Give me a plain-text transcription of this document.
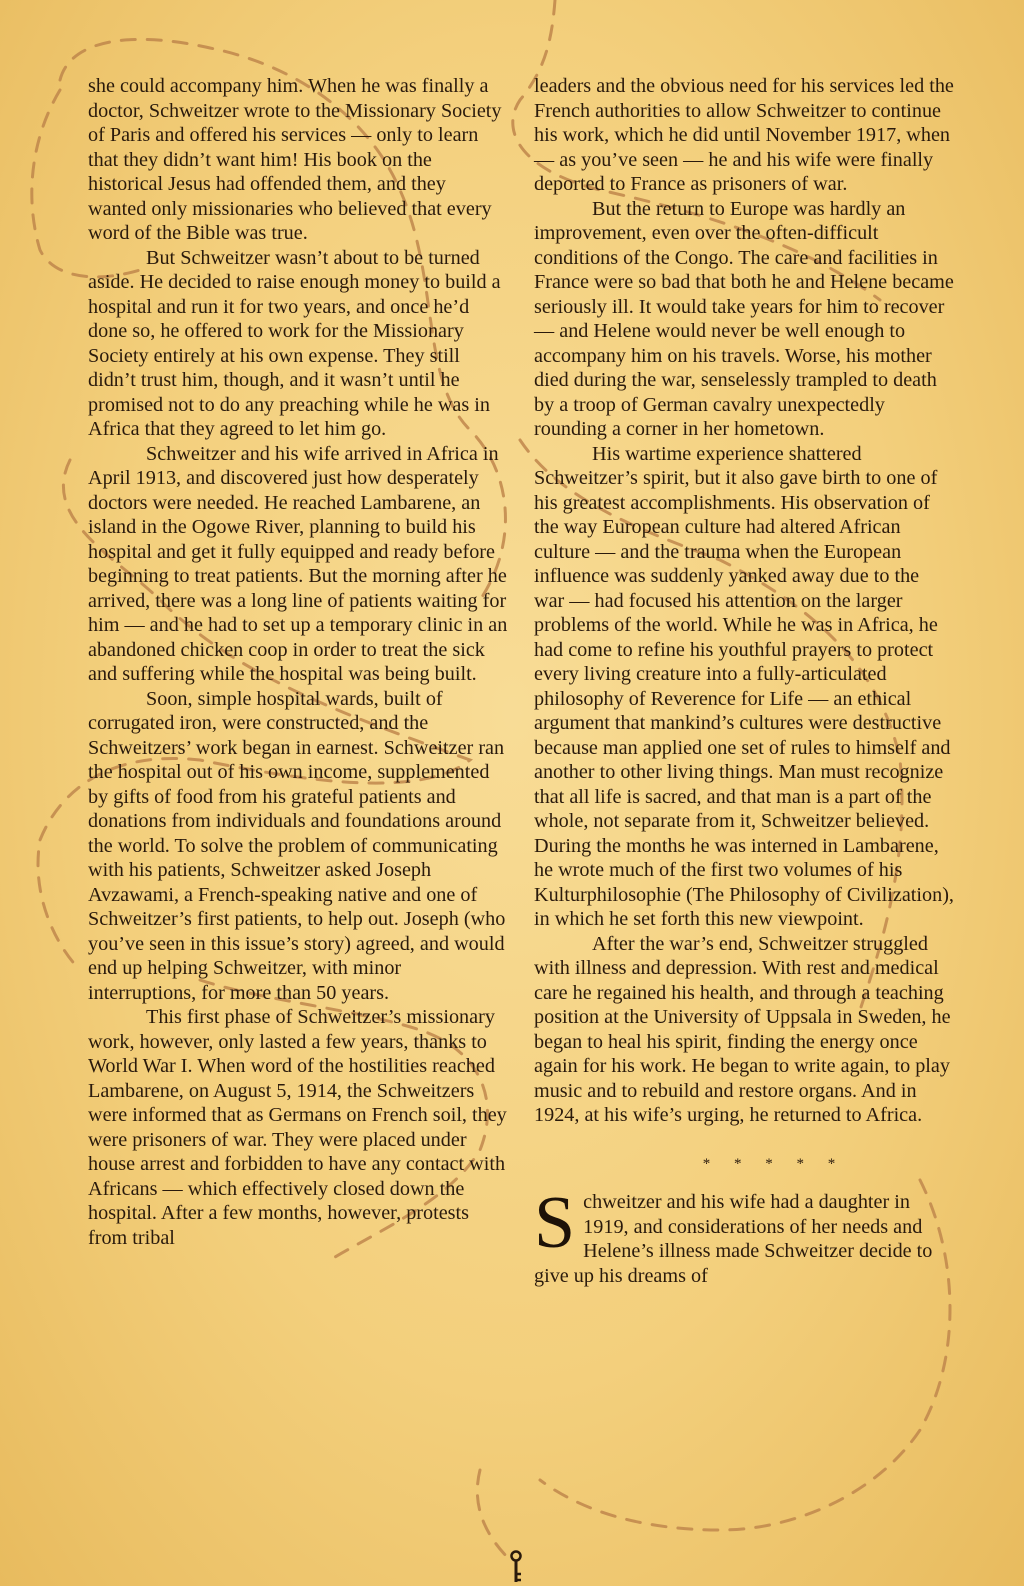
she could accompany him. When he was finally a doctor, Schweitzer wrote to the Missionary Society of Paris and offered his services — only to learn that they didn’t want him! His book on the historical Jesus had offended them, and they wanted only missionaries who believed that every word of the Bible was true.

But Schweitzer wasn’t about to be turned aside. He decided to raise enough money to build a hospital and run it for two years, and once he’d done so, he offered to work for the Missionary Society entirely at his own expense. They still didn’t trust him, though, and it wasn’t until he promised not to do any preaching while he was in Africa that they agreed to let him go.

Schweitzer and his wife arrived in Africa in April 1913, and discovered just how desperately doctors were needed. He reached Lambarene, an island in the Ogowe River, planning to build his hospital and get it fully equipped and ready before beginning to treat patients. But the morning after he arrived, there was a long line of patients waiting for him — and he had to set up a temporary clinic in an abandoned chicken coop in order to treat the sick and suffering while the hospital was being built.

Soon, simple hospital wards, built of corrugated iron, were constructed, and the Schweitzers’ work began in earnest. Schweitzer ran the hospital out of his own income, supplemented by gifts of food from his grateful patients and donations from individuals and foundations around the world. To solve the problem of communicating with his patients, Schweitzer asked Joseph Avzawami, a French-speaking native and one of Schweitzer’s first patients, to help out. Joseph (who you’ve seen in this issue’s story) agreed, and would end up helping Schweitzer, with minor interruptions, for more than 50 years.

This first phase of Schweitzer’s missionary work, however, only lasted a few years, thanks to World War I. When word of the hostilities reached Lambarene, on August 5, 1914, the Schweitzers were informed that as Germans on French soil, they were prisoners of war. They were placed under house arrest and forbidden to have any contact with Africans — which effectively closed down the hospital. After a few months, however, protests from tribal

leaders and the obvious need for his services led the French authorities to allow Schweitzer to continue his work, which he did until November 1917, when — as you’ve seen — he and his wife were finally deported to France as prisoners of war.

But the return to Europe was hardly an improvement, even over the often-difficult conditions of the Congo. The care and facilities in France were so bad that both he and Helene became seriously ill. It would take years for him to recover — and Helene would never be well enough to accompany him on his travels. Worse, his mother died during the war, senselessly trampled to death by a troop of German cavalry unexpectedly rounding a corner in her hometown.

His wartime experience shattered Schweitzer’s spirit, but it also gave birth to one of his greatest accomplishments. His observation of the way European culture had altered African culture — and the trauma when the European influence was suddenly yanked away due to the war — had focused his attention on the larger problems of the world. While he was in Africa, he had come to refine his youthful prayers to protect every living creature into a fully-articulated philosophy of Reverence for Life — an ethical argument that mankind’s cultures were destructive because man applied one set of rules to himself and another to other living things. Man must recognize that all life is sacred, and that man is a part of the whole, not separate from it, Schweitzer believed. During the months he was interned in Lambarene, he wrote much of the first two volumes of his Kulturphilosophie (The Philosophy of Civilization), in which he set forth this new viewpoint.

After the war’s end, Schweitzer struggled with illness and depression. With rest and medical care he regained his health, and through a teaching position at the University of Uppsala in Sweden, he began to heal his spirit, finding the energy once again for his work. He began to write again, to play music and to rebuild and restore organs. And in 1924, at his wife’s urging, he returned to Africa.

* * * * *

S chweitzer and his wife had a daughter in 1919, and considerations of her needs and Helene’s illness made Schweitzer decide to give up his dreams of
